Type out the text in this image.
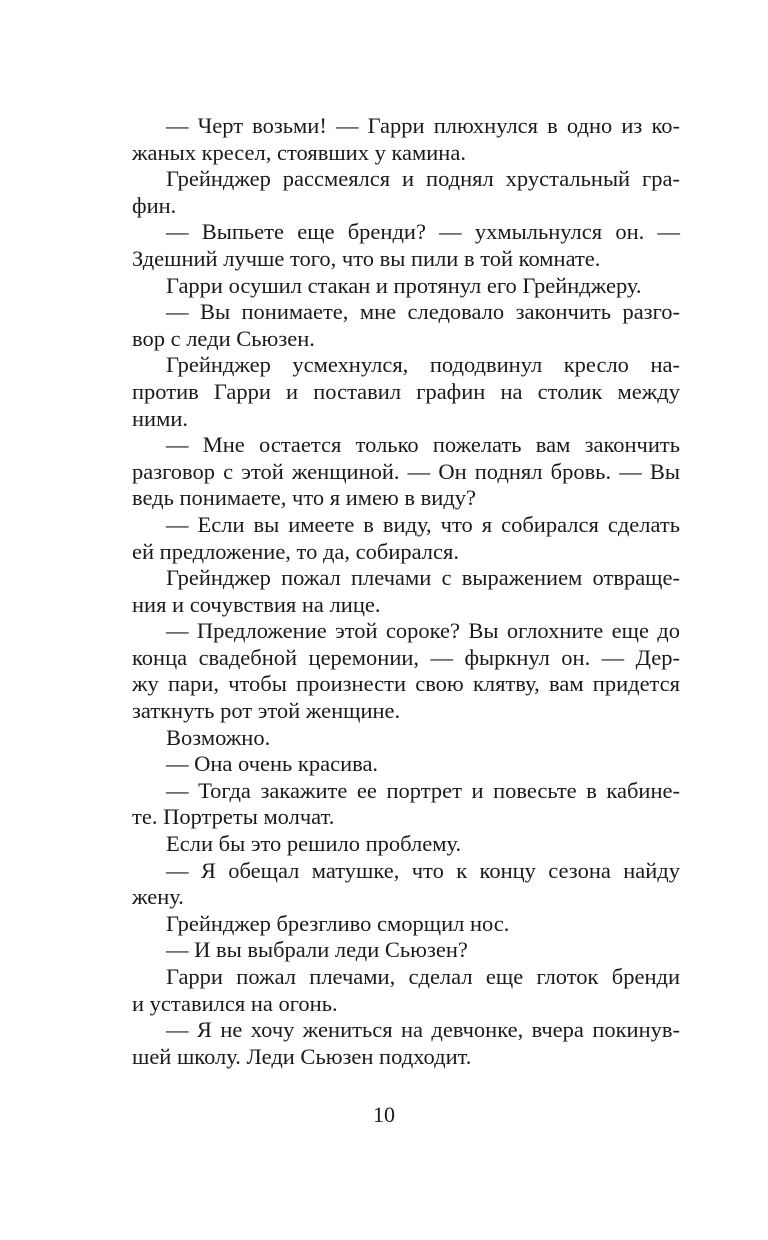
— Черт возьми! — Гарри плюхнулся в одно из ко-
жаных кресел, стоявших у камина.
Грейнджер рассмеялся и поднял хрустальный гра-
фин.
— Выпьете еще бренди? — ухмыльнулся он. —
Здешний лучше того, что вы пили в той комнате.
Гарри осушил стакан и протянул его Грейнджеру.
— Вы понимаете, мне следовало закончить разго-
вор с леди Сьюзен.
Грейнджер усмехнулся, пододвинул кресло на-
против Гарри и поставил графин на столик между
ними.
— Мне остается только пожелать вам закончить
разговор с этой женщиной. — Он поднял бровь. — Вы
ведь понимаете, что я имею в виду?
— Если вы имеете в виду, что я собирался сделать
ей предложение, то да, собирался.
Грейнджер пожал плечами с выражением отвраще-
ния и сочувствия на лице.
— Предложение этой сороке? Вы оглохните еще до
конца свадебной церемонии, — фыркнул он. — Дер-
жу пари, чтобы произнести свою клятву, вам придется
заткнуть рот этой женщине.
Возможно.
— Она очень красива.
— Тогда закажите ее портрет и повесьте в кабине-
те. Портреты молчат.
Если бы это решило проблему.
— Я обещал матушке, что к концу сезона найду
жену.
Грейнджер брезгливо сморщил нос.
— И вы выбрали леди Сьюзен?
Гарри пожал плечами, сделал еще глоток бренди
и уставился на огонь.
— Я не хочу жениться на девчонке, вчера покинув-
шей школу. Леди Сьюзен подходит.
10
